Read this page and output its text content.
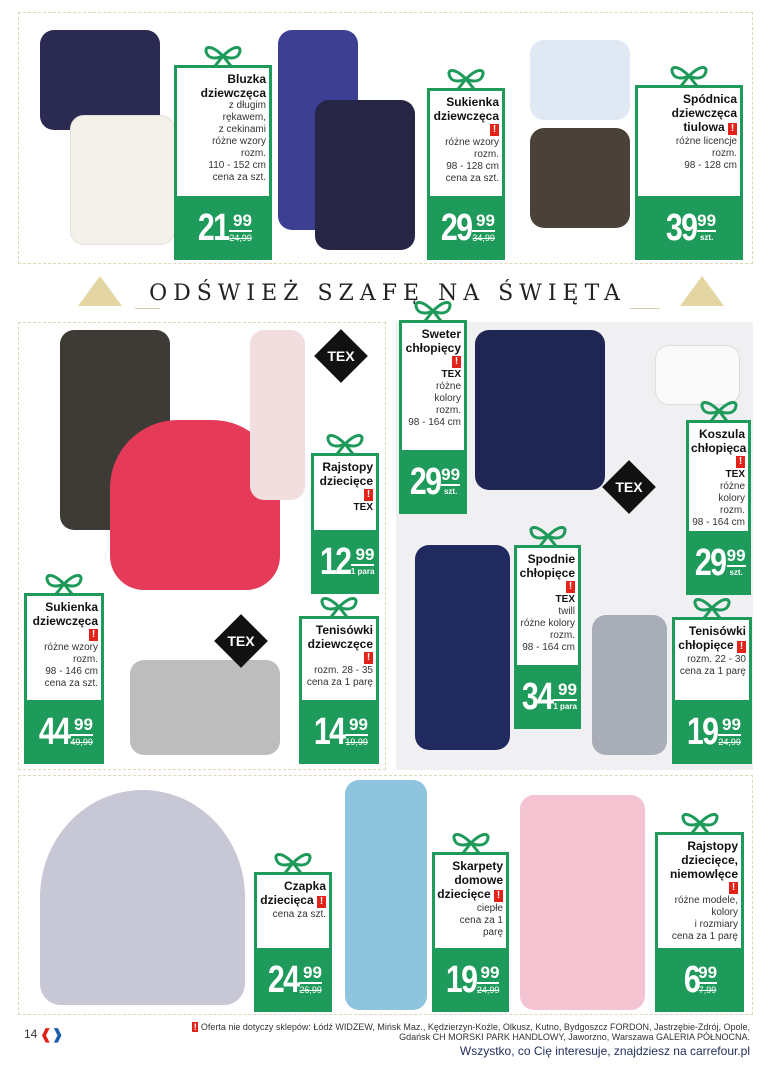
ODŚWIEŻ SZAFĘ NA ŚWIĘTA
Bluzka
dziewczęca
z długim
rękawem,
z cekinami
różne wzory
rozm.
110 - 152 cm
cena za szt.
21 99
24,99
Sukienka
dziewczęca
!
różne wzory
rozm.
98 - 128 cm
cena za szt.
29 99
34,99
Spódnica
dziewczęca
tiulowa !
różne licencje
rozm.
98 - 128 cm
39 99
szt.
Sweter
chłopięcy
!
TEX
różne
kolory
rozm.
98 - 164 cm
29 99
szt.
Rajstopy
dziecięce
!
TEX
12 99
1 para
Koszula
chłopięca
!
TEX
różne kolory
rozm.
98 - 164 cm
29 99
szt.
Spodnie
chłopięce
!
TEX
twill
różne kolory
rozm.
98 - 164 cm
34 99
1 para
Sukienka
dziewczęca
!
różne wzory
rozm.
98 - 146 cm
cena za szt.
44 99
49,99
Tenisówki
dziewczęce
!
rozm. 28 - 35
cena za 1 parę
14 99
19,99
Tenisówki
chłopięce !
rozm. 22 - 30
cena za 1 parę
19 99
24,99
Czapka
dziecięca !
cena za szt.
24 99
26,99
Skarpety
domowe
dziecięce !
ciepłe
cena za 1 parę
19 99
24,99
Rajstopy
dziecięce,
niemowlęce
!
różne modele,
kolory
i rozmiary
cena za 1 parę
6
99
7,99
TEX
TEX
TEX
14 ❰❱	! Oferta nie dotyczy sklepów: Łódź WIDZEW, Mińsk Maz., Kędzierzyn-Koźle, Olkusz, Kutno, Bydgoszcz FORDON, Jastrzębie-Zdrój, Opole,
Gdańsk CH MORSKI PARK HANDLOWY, Jaworzno, Warszawa GALERIA PÓŁNOCNA.
Wszystko, co Cię interesuje, znajdziesz na carrefour.pl
